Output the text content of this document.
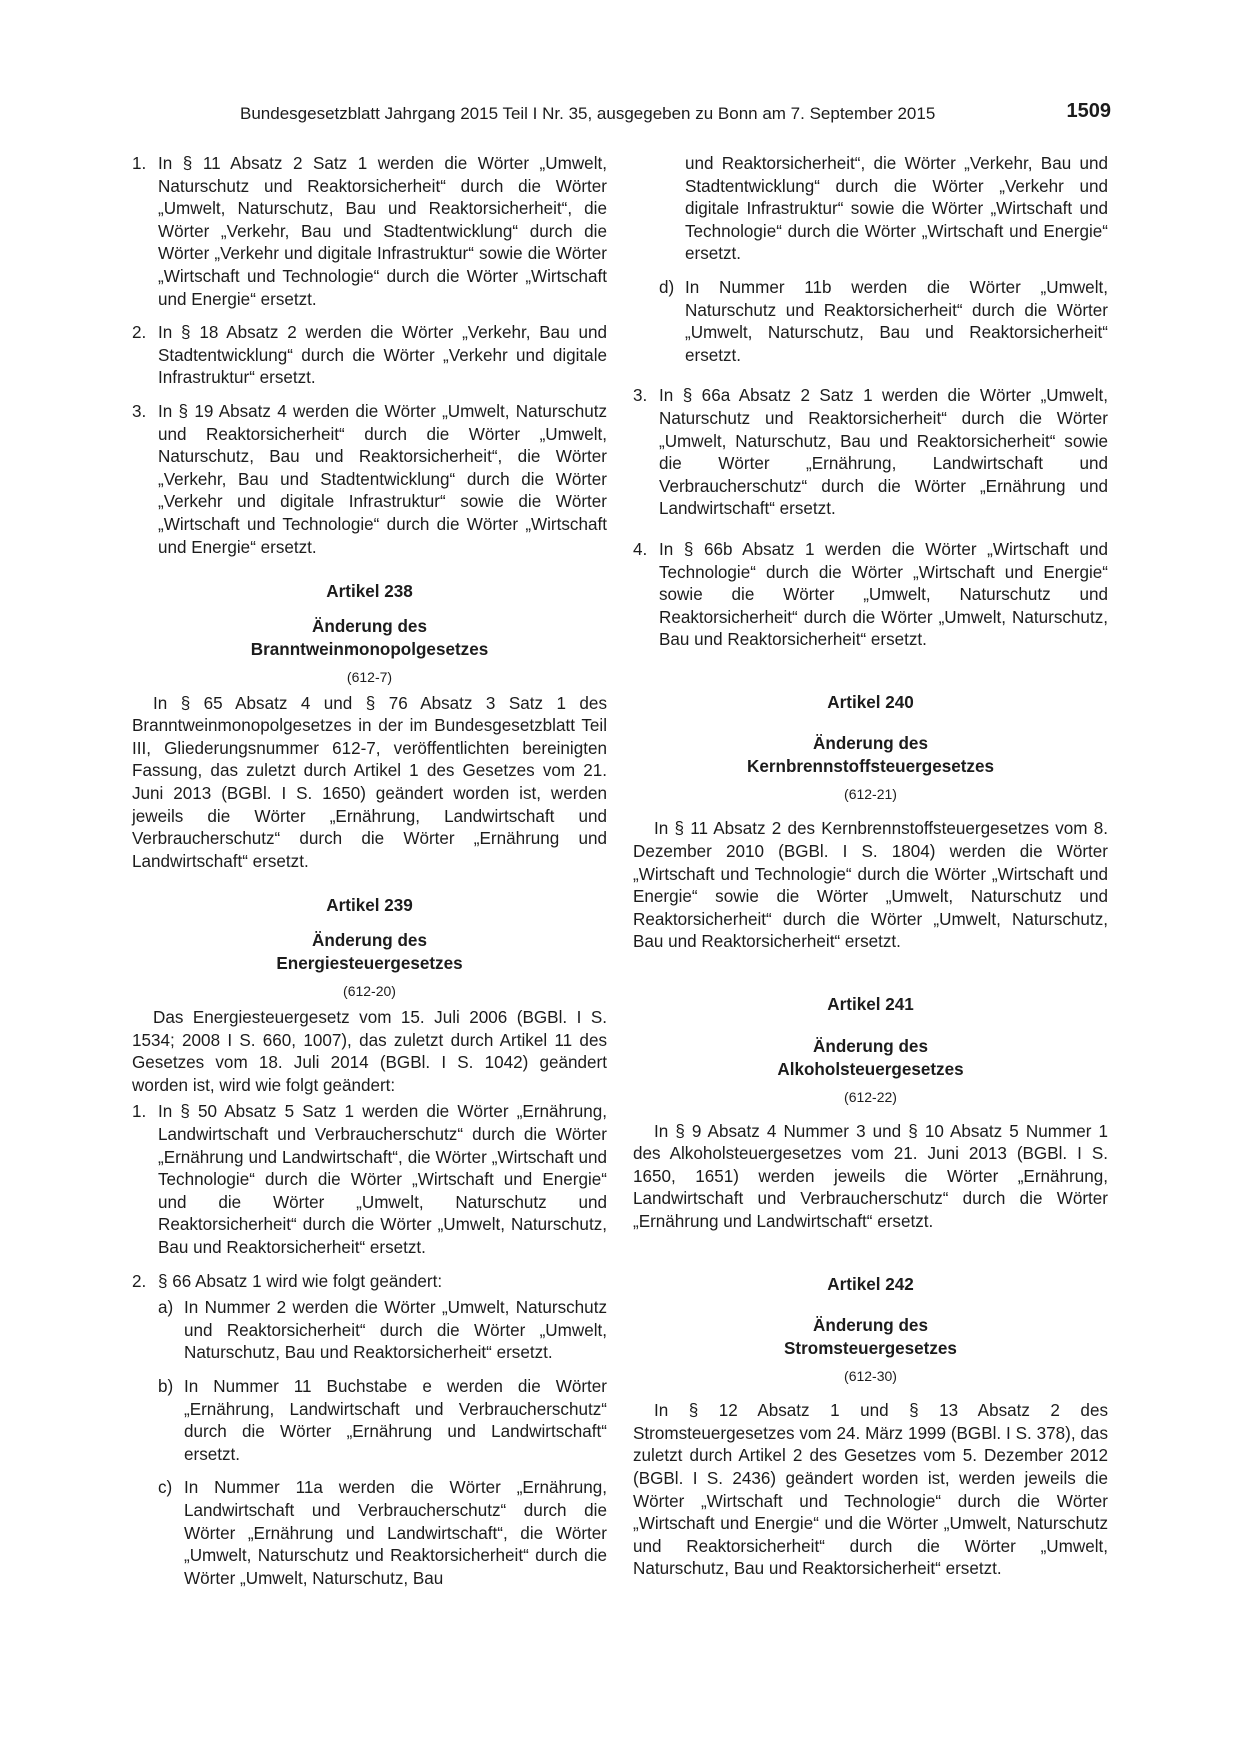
Bundesgesetzblatt Jahrgang 2015 Teil I Nr. 35, ausgegeben zu Bonn am 7. September 2015	1509
1. In § 11 Absatz 2 Satz 1 werden die Wörter „Umwelt, Naturschutz und Reaktorsicherheit“ durch die Wörter „Umwelt, Naturschutz, Bau und Reaktorsicherheit“, die Wörter „Verkehr, Bau und Stadtentwicklung“ durch die Wörter „Verkehr und digitale Infrastruktur“ sowie die Wörter „Wirtschaft und Technologie“ durch die Wörter „Wirtschaft und Energie“ ersetzt.
2. In § 18 Absatz 2 werden die Wörter „Verkehr, Bau und Stadtentwicklung“ durch die Wörter „Verkehr und digitale Infrastruktur“ ersetzt.
3. In § 19 Absatz 4 werden die Wörter „Umwelt, Naturschutz und Reaktorsicherheit“ durch die Wörter „Umwelt, Naturschutz, Bau und Reaktorsicherheit“, die Wörter „Verkehr, Bau und Stadtentwicklung“ durch die Wörter „Verkehr und digitale Infrastruktur“ sowie die Wörter „Wirtschaft und Technologie“ durch die Wörter „Wirtschaft und Energie“ ersetzt.

Artikel 238

Änderung des

Branntweinmonopolgesetzes

(612-7)

In § 65 Absatz 4 und § 76 Absatz 3 Satz 1 des Branntweinmonopolgesetzes in der im Bundesgesetzblatt Teil III, Gliederungsnummer 612-7, veröffentlichten bereinigten Fassung, das zuletzt durch Artikel 1 des Gesetzes vom 21. Juni 2013 (BGBl. I S. 1650) geändert worden ist, werden jeweils die Wörter „Ernährung, Landwirtschaft und Verbraucherschutz“ durch die Wörter „Ernährung und Landwirtschaft“ ersetzt.

Artikel 239

Änderung des

Energiesteuergesetzes

(612-20)

Das Energiesteuergesetz vom 15. Juli 2006 (BGBl. I S. 1534; 2008 I S. 660, 1007), das zuletzt durch Artikel 11 des Gesetzes vom 18. Juli 2014 (BGBl. I S. 1042) geändert worden ist, wird wie folgt geändert:

1. In § 50 Absatz 5 Satz 1 werden die Wörter „Ernährung, Landwirtschaft und Verbraucherschutz“ durch die Wörter „Ernährung und Landwirtschaft“, die Wörter „Wirtschaft und Technologie“ durch die Wörter „Wirtschaft und Energie“ und die Wörter „Umwelt, Naturschutz und Reaktorsicherheit“ durch die Wörter „Umwelt, Naturschutz, Bau und Reaktorsicherheit“ ersetzt.
2. § 66 Absatz 1 wird wie folgt geändert:
a) In Nummer 2 werden die Wörter „Umwelt, Naturschutz und Reaktorsicherheit“ durch die Wörter „Umwelt, Naturschutz, Bau und Reaktorsicherheit“ ersetzt.
b) In Nummer 11 Buchstabe e werden die Wörter „Ernährung, Landwirtschaft und Verbraucherschutz“ durch die Wörter „Ernährung und Landwirtschaft“ ersetzt.
c) In Nummer 11a werden die Wörter „Ernährung, Landwirtschaft und Verbraucherschutz“ durch die Wörter „Ernährung und Landwirtschaft“, die Wörter „Umwelt, Naturschutz und Reaktorsicherheit“ durch die Wörter „Umwelt, Naturschutz, Bau

und Reaktorsicherheit“, die Wörter „Verkehr, Bau und Stadtentwicklung“ durch die Wörter „Verkehr und digitale Infrastruktur“ sowie die Wörter „Wirtschaft und Technologie“ durch die Wörter „Wirtschaft und Energie“ ersetzt.

d) In Nummer 11b werden die Wörter „Umwelt, Naturschutz und Reaktorsicherheit“ durch die Wörter „Umwelt, Naturschutz, Bau und Reaktorsicherheit“ ersetzt.
3. In § 66a Absatz 2 Satz 1 werden die Wörter „Umwelt, Naturschutz und Reaktorsicherheit“ durch die Wörter „Umwelt, Naturschutz, Bau und Reaktorsicherheit“ sowie die Wörter „Ernährung, Landwirtschaft und Verbraucherschutz“ durch die Wörter „Ernährung und Landwirtschaft“ ersetzt.
4. In § 66b Absatz 1 werden die Wörter „Wirtschaft und Technologie“ durch die Wörter „Wirtschaft und Energie“ sowie die Wörter „Umwelt, Naturschutz und Reaktorsicherheit“ durch die Wörter „Umwelt, Naturschutz, Bau und Reaktorsicherheit“ ersetzt.

Artikel 240

Änderung des

Kernbrennstoffsteuergesetzes

(612-21)

In § 11 Absatz 2 des Kernbrennstoffsteuergesetzes vom 8. Dezember 2010 (BGBl. I S. 1804) werden die Wörter „Wirtschaft und Technologie“ durch die Wörter „Wirtschaft und Energie“ sowie die Wörter „Umwelt, Naturschutz und Reaktorsicherheit“ durch die Wörter „Umwelt, Naturschutz, Bau und Reaktorsicherheit“ ersetzt.

Artikel 241

Änderung des

Alkoholsteuergesetzes

(612-22)

In § 9 Absatz 4 Nummer 3 und § 10 Absatz 5 Nummer 1 des Alkoholsteuergesetzes vom 21. Juni 2013 (BGBl. I S. 1650, 1651) werden jeweils die Wörter „Ernährung, Landwirtschaft und Verbraucherschutz“ durch die Wörter „Ernährung und Landwirtschaft“ ersetzt.

Artikel 242

Änderung des

Stromsteuergesetzes

(612-30)

In § 12 Absatz 1 und § 13 Absatz 2 des Stromsteuergesetzes vom 24. März 1999 (BGBl. I S. 378), das zuletzt durch Artikel 2 des Gesetzes vom 5. Dezember 2012 (BGBl. I S. 2436) geändert worden ist, werden jeweils die Wörter „Wirtschaft und Technologie“ durch die Wörter „Wirtschaft und Energie“ und die Wörter „Umwelt, Naturschutz und Reaktorsicherheit“ durch die Wörter „Umwelt, Naturschutz, Bau und Reaktorsicherheit“ ersetzt.
